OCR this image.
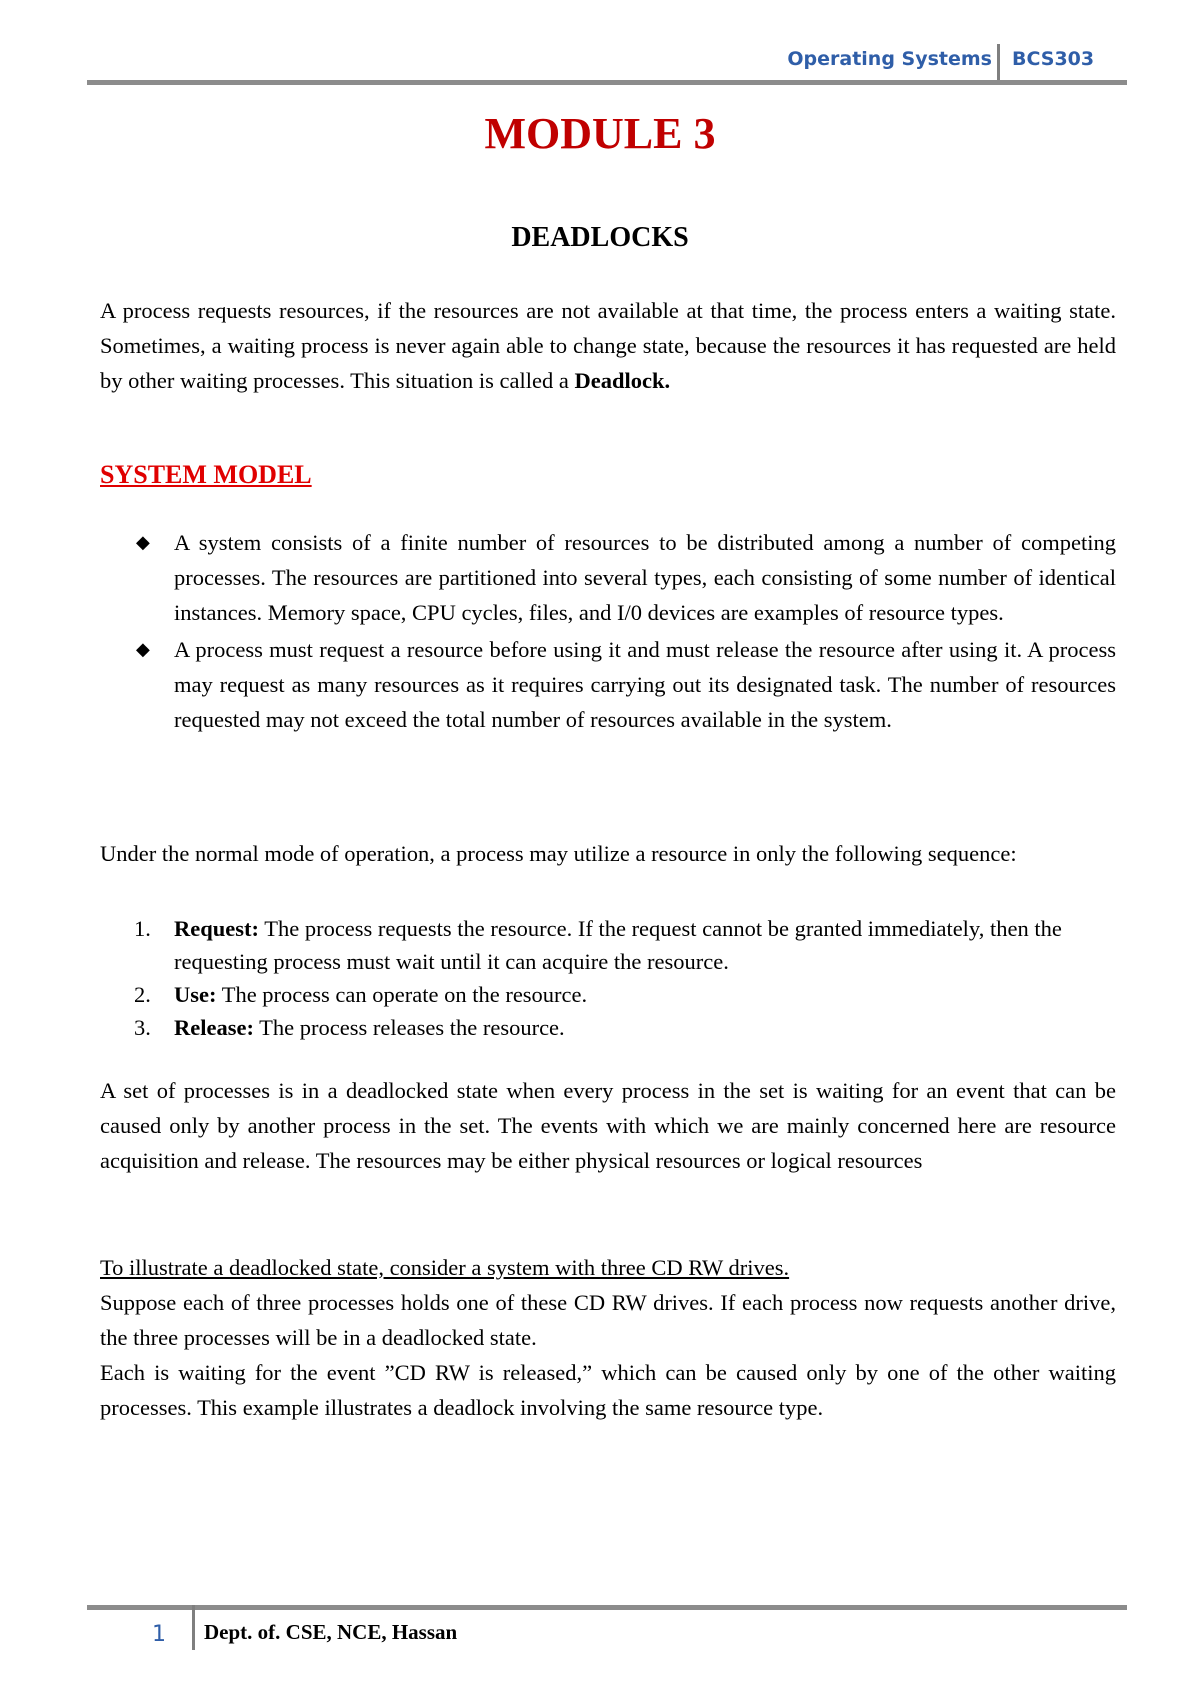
Operating Systems BCS303
MODULE 3
DEADLOCKS

A process requests resources, if the resources are not available at that time, the process enters a waiting state. Sometimes, a waiting process is never again able to change state, because the resources it has requested are held by other waiting processes. This situation is called a Deadlock.

SYSTEM MODEL
◆ A system consists of a finite number of resources to be distributed among a number of competing processes. The resources are partitioned into several types, each consisting of some number of identical instances. Memory space, CPU cycles, files, and I/0 devices are examples of resource types.
◆ A process must request a resource before using it and must release the resource after using it. A process may request as many resources as it requires carrying out its designated task. The number of resources requested may not exceed the total number of resources available in the system.

Under the normal mode of operation, a process may utilize a resource in only the following sequence:

1. Request: The process requests the resource. If the request cannot be granted immediately, then the requesting process must wait until it can acquire the resource.
2. Use: The process can operate on the resource.
3. Release: The process releases the resource.

A set of processes is in a deadlocked state when every process in the set is waiting for an event that can be caused only by another process in the set. The events with which we are mainly concerned here are resource acquisition and release. The resources may be either physical resources or logical resources

To illustrate a deadlocked state, consider a system with three CD RW drives.

Suppose each of three processes holds one of these CD RW drives. If each process now requests another drive, the three processes will be in a deadlocked state.

Each is waiting for the event ”CD RW is released,” which can be caused only by one of the other waiting processes. This example illustrates a deadlock involving the same resource type.

1 Dept. of. CSE, NCE, Hassan
